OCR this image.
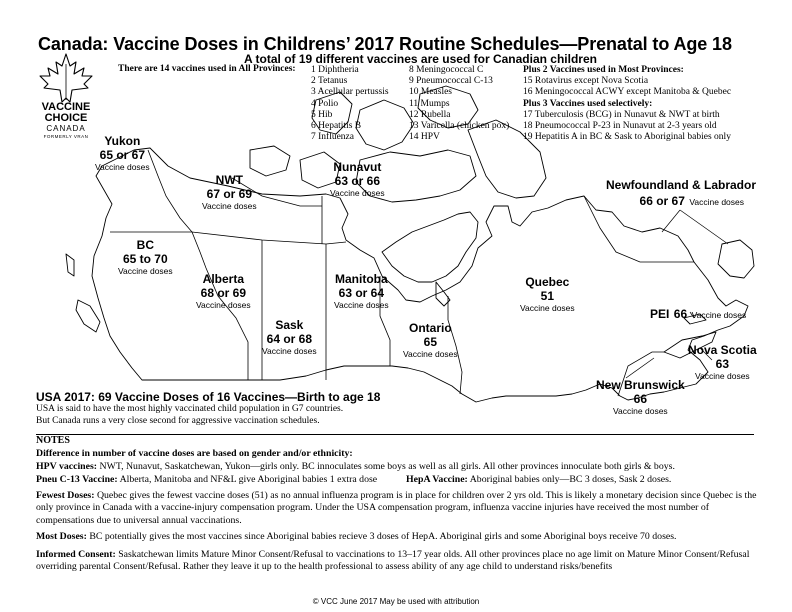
Canada: Vaccine Doses in Childrens’ 2017 Routine Schedules—Prenatal to Age 18
A total of 19 different vaccines are used for Canadian children
VACCINE
CHOICE
CANADA
FORMERLY VRAN
There are 14 vaccines used in All Provinces: 1 Diphtheria
2 Tetanus
3 Acellular pertussis
4 Polio
5 Hib
6 Hepatitis B
7 Influenza
8 Meningococcal C
9 Pneumococcal C-13
10 Measles
11 Mumps
12 Rubella
13 Varicella (chicken pox)
14 HPV
Plus 2 Vaccines used in Most Provinces:
15 Rotavirus except Nova Scotia
16 Meningococcal ACWY except Manitoba & Quebec
Plus 3 Vaccines used selectively:
17 Tuberculosis (BCG) in Nunavut & NWT at birth
18 Pneumococcal P-23 in Nunavut at 2-3 years old
19 Hepatitis A in BC & Sask to Aboriginal babies only
Yukon
65 or 67
Vaccine doses
NWT
67 or 69
Vaccine doses
Nunavut
63 or 66
Vaccine doses
Newfoundland & Labrador
66 or 67 Vaccine doses
BC
65 to 70
Vaccine doses
Alberta
68 or 69
Vaccine doses
Sask
64 or 68
Vaccine doses
Manitoba
63 or 64
Vaccine doses
Ontario
65
Vaccine doses
Quebec
51
Vaccine doses	PEI 66 Vaccine doses
Nova Scotia
63
Vaccine doses
New Brunswick
66
Vaccine doses
USA 2017: 69 Vaccine Doses of 16 Vaccines—Birth to age 18
USA is said to have the most highly vaccinated child population in G7 countries.
But Canada runs a very close second for aggressive vaccination schedules.
NOTES
Difference in number of vaccine doses are based on gender and/or ethnicity:
HPV vaccines: NWT, Nunavut, Saskatchewan, Yukon—girls only. BC innoculates some boys as well as all girls. All other provinces innoculate both girls & boys.
Pneu C-13 Vaccine: Alberta, Manitoba and NF&L give Aboriginal babies 1 extra dose	HepA Vaccine: Aboriginal babies only—BC 3 doses, Sask 2 doses.
Fewest Doses: Quebec gives the fewest vaccine doses (51) as no annual influenza program is in place for children over 2 yrs old. This is likely a monetary decision since Quebec is the only province in Canada with a vaccine-injury compensation program. Under the USA compensation program, influenza vaccine injuries have received the most number of compensations due to universal annual vaccinations.
Most Doses: BC potentially gives the most vaccines since Aboriginal babies recieve 3 doses of HepA. Aboriginal girls and some Aboriginal boys receive 70 doses.
Informed Consent: Saskatchewan limits Mature Minor Consent/Refusal to vaccinations to 13–17 year olds. All other provinces place no age limit on Mature Minor Consent/Refusal overriding parental Consent/Refusal. Rather they leave it up to the health professional to assess ability of any age child to understand risks/benefits
© VCC June 2017 May be used with attribution
